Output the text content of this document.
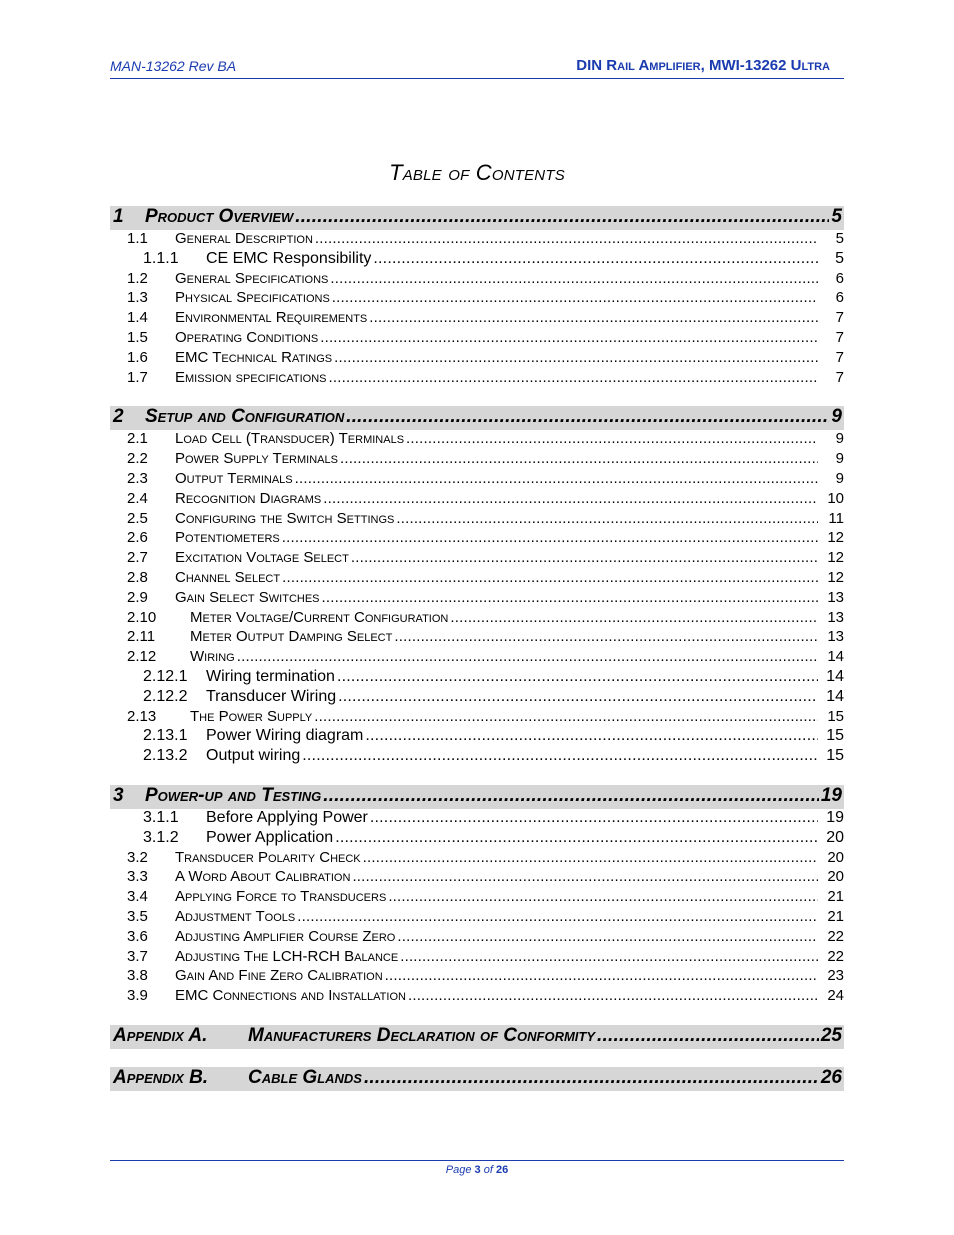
MAN-13262 Rev BA	DIN Rail Amplifier, MWI-13262 Ultra
Table of Contents
1	Product Overview .....	5
1.1	General Description .....	5
1.1.1	CE EMC Responsibility .....	5
1.2	General Specifications .....	6
1.3	Physical Specifications .....	6
1.4	Environmental Requirements .....	7
1.5	Operating Conditions .....	7
1.6	EMC Technical Ratings .....	7
1.7	Emission specifications .....	7
2	Setup and Configuration .....	9
2.1	Load Cell (Transducer) Terminals .....	9
2.2	Power Supply Terminals .....	9
2.3	Output Terminals .....	9
2.4	Recognition Diagrams .....	10
2.5	Configuring the Switch Settings .....	11
2.6	Potentiometers .....	12
2.7	Excitation Voltage Select .....	12
2.8	Channel Select .....	12
2.9	Gain Select Switches .....	13
2.10	Meter Voltage/Current Configuration .....	13
2.11	Meter Output Damping Select .....	13
2.12	Wiring .....	14
2.12.1	Wiring termination .....	14
2.12.2	Transducer Wiring .....	14
2.13	The Power Supply .....	15
2.13.1	Power Wiring diagram .....	15
2.13.2	Output wiring .....	15
3	Power-up and Testing .....	19
3.1.1	Before Applying Power .....	19
3.1.2	Power Application .....	20
3.2	Transducer Polarity Check .....	20
3.3	A Word About Calibration .....	20
3.4	Applying Force to Transducers .....	21
3.5	Adjustment Tools .....	21
3.6	Adjusting Amplifier Course Zero .....	22
3.7	Adjusting The LCH-RCH Balance .....	22
3.8	Gain And Fine Zero Calibration .....	23
3.9	EMC Connections and Installation .....	24
Appendix A.	Manufacturers Declaration of Conformity .....	25
Appendix B.	Cable Glands .....	26
Page 3 of 26
